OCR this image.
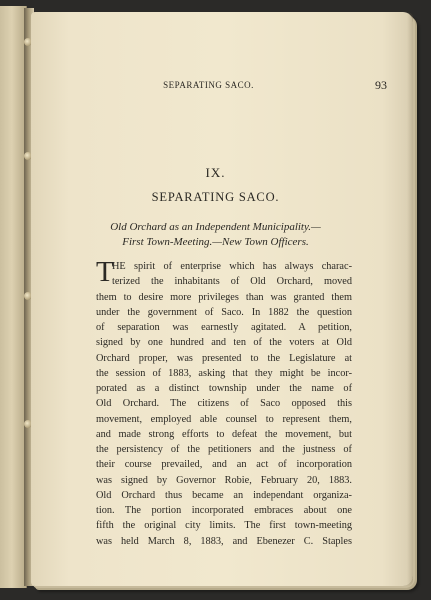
SEPARATING SACO.	93
IX.
SEPARATING SACO.
Old Orchard as an Independent Municipality.—
First Town-Meeting.—New Town Officers.
T
HE spirit of enterprise which has always charac-
terized the inhabitants of Old Orchard, moved
them to desire more privileges than was granted them
under the government of Saco. In 1882 the question
of separation was earnestly agitated. A petition,
signed by one hundred and ten of the voters at Old
Orchard proper, was presented to the Legislature at
the session of 1883, asking that they might be incor-
porated as a distinct township under the name of
Old Orchard. The citizens of Saco opposed this
movement, employed able counsel to represent them,
and made strong efforts to defeat the movement, but
the persistency of the petitioners and the justness of
their course prevailed, and an act of incorporation
was signed by Governor Robie, February 20, 1883.
Old Orchard thus became an independant organiza-
tion. The portion incorporated embraces about one
fifth the original city limits. The first town-meeting
was held March 8, 1883, and Ebenezer C. Staples
